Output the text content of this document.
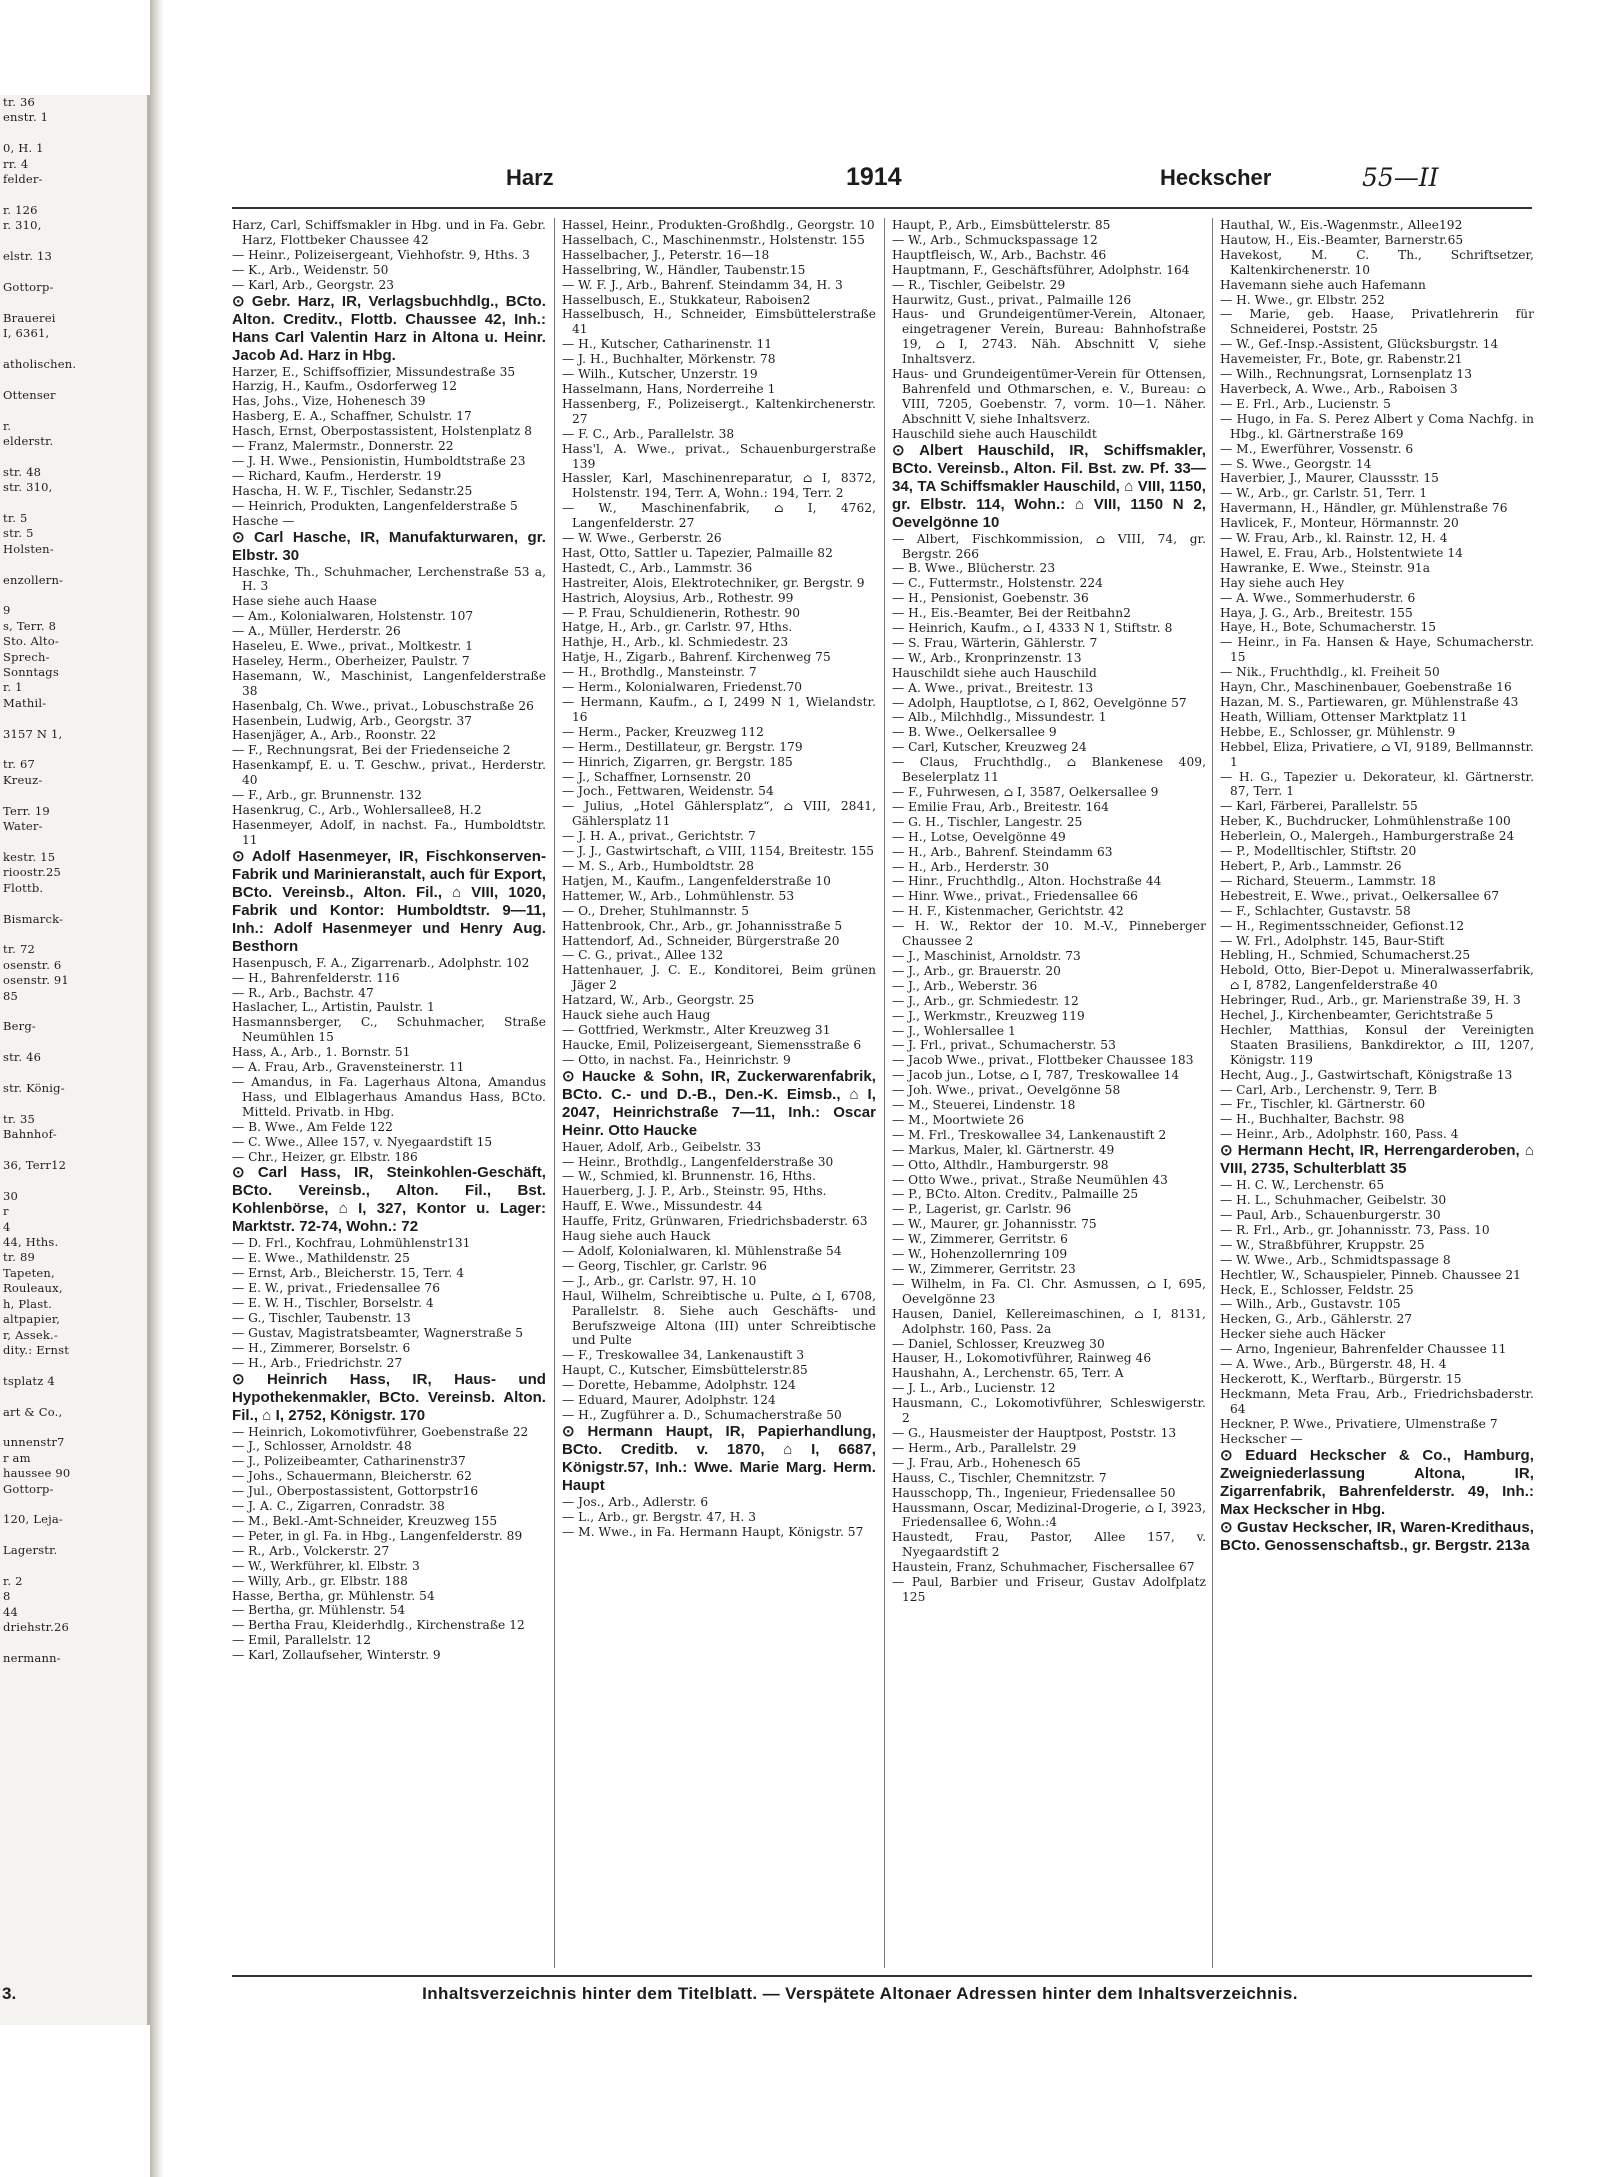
tr. 36
enstr. 1

0, H. 1
rr. 4
felder-

r. 126
r. 310,

elstr. 13

Gottorp-

Brauerei
I, 6361,

atholischen.

Ottenser

r.
elderstr.

str. 48
str. 310,

tr. 5
str. 5
Holsten-

enzollern-

9
s, Terr. 8
Sto. Alto-
Sprech-
Sonntags
r. 1
Mathil-

3157 N 1,

tr. 67
Kreuz-

Terr. 19
Water-

kestr. 15
rioostr.25
Flottb.

Bismarck-

tr. 72
osenstr. 6
osenstr. 91
85

Berg-

str. 46

str. König-

tr. 35
Bahnhof-

36, Terr12

30
r
4
44, Hths.
tr. 89
Tapeten,
Rouleaux,
h, Plast.
altpapier,
r, Assek.-
dity.: Ernst

tsplatz 4

art & Co.,

unnenstr7
r am
haussee 90
Gottorp-

120, Leja-

Lagerstr.

r. 2
8
44
driehstr.26

nermann-
3.
Harz	1914	Heckscher	55—II
Harz, Carl, Schiffsmakler in Hbg. und in Fa. Gebr. Harz, Flottbeker Chaussee 42
— Heinr., Polizeisergeant, Viehhofstr. 9, Hths. 3
— K., Arb., Weidenstr. 50
— Karl, Arb., Georgstr. 23
⊙ Gebr. Harz, IR, Verlagsbuchhdlg., BCto. Alton. Creditv., Flottb. Chaussee 42, Inh.: Hans Carl Valentin Harz in Altona u. Heinr. Jacob Ad. Harz in Hbg.
Harzer, E., Schiffsoffizier, Missundestraße 35
Harzig, H., Kaufm., Osdorferweg 12
Has, Johs., Vize, Hohenesch 39
Hasberg, E. A., Schaffner, Schulstr. 17
Hasch, Ernst, Oberpostassistent, Holstenplatz 8
— Franz, Malermstr., Donnerstr. 22
— J. H. Wwe., Pensionistin, Humboldtstraße 23
— Richard, Kaufm., Herderstr. 19
Hascha, H. W. F., Tischler, Sedanstr.25
— Heinrich, Produkten, Langenfelderstraße 5
Hasche —
⊙ Carl Hasche, IR, Manufakturwaren, gr. Elbstr. 30
Haschke, Th., Schuhmacher, Lerchenstraße 53 a, H. 3
Hase siehe auch Haase
— Am., Kolonialwaren, Holstenstr. 107
— A., Müller, Herderstr. 26
Haseleu, E. Wwe., privat., Moltkestr. 1
Haseley, Herm., Oberheizer, Paulstr. 7
Hasemann, W., Maschinist, Langenfelderstraße 38
Hasenbalg, Ch. Wwe., privat., Lobuschstraße 26
Hasenbein, Ludwig, Arb., Georgstr. 37
Hasenjäger, A., Arb., Roonstr. 22
— F., Rechnungsrat, Bei der Friedenseiche 2
Hasenkampf, E. u. T. Geschw., privat., Herderstr. 40
— F., Arb., gr. Brunnenstr. 132
Hasenkrug, C., Arb., Wohlersallee8, H.2
Hasenmeyer, Adolf, in nachst. Fa., Humboldtstr. 11
⊙ Adolf Hasenmeyer, IR, Fischkonserven-Fabrik und Marinieranstalt, auch für Export, BCto. Vereinsb., Alton. Fil., ⌂ VIII, 1020, Fabrik und Kontor: Humboldtstr. 9—11, Inh.: Adolf Hasenmeyer und Henry Aug. Besthorn
Hasenpusch, F. A., Zigarrenarb., Adolphstr. 102
— H., Bahrenfelderstr. 116
— R., Arb., Bachstr. 47
Haslacher, L., Artistin, Paulstr. 1
Hasmannsberger, C., Schuhmacher, Straße Neumühlen 15
Hass, A., Arb., 1. Bornstr. 51
— A. Frau, Arb., Gravensteinerstr. 11
— Amandus, in Fa. Lagerhaus Altona, Amandus Hass, und Elblagerhaus Amandus Hass, BCto. Mitteld. Privatb. in Hbg.
— B. Wwe., Am Felde 122
— C. Wwe., Allee 157, v. Nyegaardstift 15
— Chr., Heizer, gr. Elbstr. 186
⊙ Carl Hass, IR, Steinkohlen-Geschäft, BCto. Vereinsb., Alton. Fil., Bst. Kohlenbörse, ⌂ I, 327, Kontor u. Lager: Marktstr. 72-74, Wohn.: 72
— D. Frl., Kochfrau, Lohmühlenstr131
— E. Wwe., Mathildenstr. 25
— Ernst, Arb., Bleicherstr. 15, Terr. 4
— E. W., privat., Friedensallee 76
— E. W. H., Tischler, Borselstr. 4
— G., Tischler, Taubenstr. 13
— Gustav, Magistratsbeamter, Wagnerstraße 5
— H., Zimmerer, Borselstr. 6
— H., Arb., Friedrichstr. 27
⊙ Heinrich Hass, IR, Haus- und Hypothekenmakler, BCto. Vereinsb. Alton. Fil., ⌂ I, 2752, Königstr. 170
— Heinrich, Lokomotivführer, Goebenstraße 22
— J., Schlosser, Arnoldstr. 48
— J., Polizeibeamter, Catharinenstr37
— Johs., Schauermann, Bleicherstr. 62
— Jul., Oberpostassistent, Gottorpstr16
— J. A. C., Zigarren, Conradstr. 38
— M., Bekl.-Amt-Schneider, Kreuzweg 155
— Peter, in gl. Fa. in Hbg., Langenfelderstr. 89
— R., Arb., Volckerstr. 27
— W., Werkführer, kl. Elbstr. 3
— Willy, Arb., gr. Elbstr. 188
Hasse, Bertha, gr. Mühlenstr. 54
— Bertha, gr. Mühlenstr. 54
— Bertha Frau, Kleiderhdlg., Kirchenstraße 12
— Emil, Parallelstr. 12
— Karl, Zollaufseher, Winterstr. 9
Hassel, Heinr., Produkten-Großhdlg., Georgstr. 10
Hasselbach, C., Maschinenmstr., Holstenstr. 155
Hasselbacher, J., Peterstr. 16—18
Hasselbring, W., Händler, Taubenstr.15
— W. F. J., Arb., Bahrenf. Steindamm 34, H. 3
Hasselbusch, E., Stukkateur, Raboisen2
Hasselbusch, H., Schneider, Eimsbüttelerstraße 41
— H., Kutscher, Catharinenstr. 11
— J. H., Buchhalter, Mörkenstr. 78
— Wilh., Kutscher, Unzerstr. 19
Hasselmann, Hans, Norderreihe 1
Hassenberg, F., Polizeisergt., Kaltenkirchenerstr. 27
— F. C., Arb., Parallelstr. 38
Hass'l, A. Wwe., privat., Schauenburgerstraße 139
Hassler, Karl, Maschinenreparatur, ⌂ I, 8372, Holstenstr. 194, Terr. A, Wohn.: 194, Terr. 2
— W., Maschinenfabrik, ⌂ I, 4762, Langenfelderstr. 27
— W. Wwe., Gerberstr. 26
Hast, Otto, Sattler u. Tapezier, Palmaille 82
Hastedt, C., Arb., Lammstr. 36
Hastreiter, Alois, Elektrotechniker, gr. Bergstr. 9
Hastrich, Aloysius, Arb., Rothestr. 99
— P. Frau, Schuldienerin, Rothestr. 90
Hatge, H., Arb., gr. Carlstr. 97, Hths.
Hathje, H., Arb., kl. Schmiedestr. 23
Hatje, H., Zigarb., Bahrenf. Kirchenweg 75
— H., Brothdlg., Mansteinstr. 7
— Herm., Kolonialwaren, Friedenst.70
— Hermann, Kaufm., ⌂ I, 2499 N 1, Wielandstr. 16
— Herm., Packer, Kreuzweg 112
— Herm., Destillateur, gr. Bergstr. 179
— Hinrich, Zigarren, gr. Bergstr. 185
— J., Schaffner, Lornsenstr. 20
— Joch., Fettwaren, Weidenstr. 54
— Julius, „Hotel Gählersplatz“, ⌂ VIII, 2841, Gählersplatz 11
— J. H. A., privat., Gerichtstr. 7
— J. J., Gastwirtschaft, ⌂ VIII, 1154, Breitestr. 155
— M. S., Arb., Humboldtstr. 28
Hatjen, M., Kaufm., Langenfelderstraße 10
Hattemer, W., Arb., Lohmühlenstr. 53
— O., Dreher, Stuhlmannstr. 5
Hattenbrook, Chr., Arb., gr. Johannisstraße 5
Hattendorf, Ad., Schneider, Bürgerstraße 20
— C. G., privat., Allee 132
Hattenhauer, J. C. E., Konditorei, Beim grünen Jäger 2
Hatzard, W., Arb., Georgstr. 25
Hauck siehe auch Haug
— Gottfried, Werkmstr., Alter Kreuzweg 31
Haucke, Emil, Polizeisergeant, Siemensstraße 6
— Otto, in nachst. Fa., Heinrichstr. 9
⊙ Haucke & Sohn, IR, Zuckerwarenfabrik, BCto. C.- und D.-B., Den.-K. Eimsb., ⌂ I, 2047, Heinrichstraße 7—11, Inh.: Oscar Heinr. Otto Haucke
Hauer, Adolf, Arb., Geibelstr. 33
— Heinr., Brothdlg., Langenfelderstraße 30
— W., Schmied, kl. Brunnenstr. 16, Hths.
Hauerberg, J. J. P., Arb., Steinstr. 95, Hths.
Hauff, E. Wwe., Missundestr. 44
Hauffe, Fritz, Grünwaren, Friedrichsbaderstr. 63
Haug siehe auch Hauck
— Adolf, Kolonialwaren, kl. Mühlenstraße 54
— Georg, Tischler, gr. Carlstr. 96
— J., Arb., gr. Carlstr. 97, H. 10
Haul, Wilhelm, Schreibtische u. Pulte, ⌂ I, 6708, Parallelstr. 8. Siehe auch Geschäfts- und Berufszweige Altona (III) unter Schreibtische und Pulte
— F., Treskowallee 34, Lankenaustift 3
Haupt, C., Kutscher, Eimsbüttelerstr.85
— Dorette, Hebamme, Adolphstr. 124
— Eduard, Maurer, Adolphstr. 124
— H., Zugführer a. D., Schumacherstraße 50
⊙ Hermann Haupt, IR, Papierhandlung, BCto. Creditb. v. 1870, ⌂ I, 6687, Königstr.57, Inh.: Wwe. Marie Marg. Herm. Haupt
— Jos., Arb., Adlerstr. 6
— L., Arb., gr. Bergstr. 47, H. 3
— M. Wwe., in Fa. Hermann Haupt, Königstr. 57
Haupt, P., Arb., Eimsbüttelerstr. 85
— W., Arb., Schmuckspassage 12
Hauptfleisch, W., Arb., Bachstr. 46
Hauptmann, F., Geschäftsführer, Adolphstr. 164
— R., Tischler, Geibelstr. 29
Haurwitz, Gust., privat., Palmaille 126
Haus- und Grundeigentümer-Verein, Altonaer, eingetragener Verein, Bureau: Bahnhofstraße 19, ⌂ I, 2743. Näh. Abschnitt V, siehe Inhaltsverz.
Haus- und Grundeigentümer-Verein für Ottensen, Bahrenfeld und Othmarschen, e. V., Bureau: ⌂ VIII, 7205, Goebenstr. 7, vorm. 10—1. Näher. Abschnitt V, siehe Inhaltsverz.
Hauschild siehe auch Hauschildt
⊙ Albert Hauschild, IR, Schiffsmakler, BCto. Vereinsb., Alton. Fil. Bst. zw. Pf. 33—34, TA Schiffsmakler Hauschild, ⌂ VIII, 1150, gr. Elbstr. 114, Wohn.: ⌂ VIII, 1150 N 2, Oevelgönne 10
— Albert, Fischkommission, ⌂ VIII, 74, gr. Bergstr. 266
— B. Wwe., Blücherstr. 23
— C., Futtermstr., Holstenstr. 224
— H., Pensionist, Goebenstr. 36
— H., Eis.-Beamter, Bei der Reitbahn2
— Heinrich, Kaufm., ⌂ I, 4333 N 1, Stiftstr. 8
— S. Frau, Wärterin, Gählerstr. 7
— W., Arb., Kronprinzenstr. 13
Hauschildt siehe auch Hauschild
— A. Wwe., privat., Breitestr. 13
— Adolph, Hauptlotse, ⌂ I, 862, Oevelgönne 57
— Alb., Milchhdlg., Missundestr. 1
— B. Wwe., Oelkersallee 9
— Carl, Kutscher, Kreuzweg 24
— Claus, Fruchthdlg., ⌂ Blankenese 409, Beselerplatz 11
— F., Fuhrwesen, ⌂ I, 3587, Oelkersallee 9
— Emilie Frau, Arb., Breitestr. 164
— G. H., Tischler, Langestr. 25
— H., Lotse, Oevelgönne 49
— H., Arb., Bahrenf. Steindamm 63
— H., Arb., Herderstr. 30
— Hinr., Fruchthdlg., Alton. Hochstraße 44
— Hinr. Wwe., privat., Friedensallee 66
— H. F., Kistenmacher, Gerichtstr. 42
— H. W., Rektor der 10. M.-V., Pinneberger Chaussee 2
— J., Maschinist, Arnoldstr. 73
— J., Arb., gr. Brauerstr. 20
— J., Arb., Weberstr. 36
— J., Arb., gr. Schmiedestr. 12
— J., Werkmstr., Kreuzweg 119
— J., Wohlersallee 1
— J. Frl., privat., Schumacherstr. 53
— Jacob Wwe., privat., Flottbeker Chaussee 183
— Jacob jun., Lotse, ⌂ I, 787, Treskowallee 14
— Joh. Wwe., privat., Oevelgönne 58
— M., Steuerei, Lindenstr. 18
— M., Moortwiete 26
— M. Frl., Treskowallee 34, Lankenaustift 2
— Markus, Maler, kl. Gärtnerstr. 49
— Otto, Althdlr., Hamburgerstr. 98
— Otto Wwe., privat., Straße Neumühlen 43
— P., BCto. Alton. Creditv., Palmaille 25
— P., Lagerist, gr. Carlstr. 96
— W., Maurer, gr. Johannisstr. 75
— W., Zimmerer, Gerritstr. 6
— W., Hohenzollernring 109
— W., Zimmerer, Gerritstr. 23
— Wilhelm, in Fa. Cl. Chr. Asmussen, ⌂ I, 695, Oevelgönne 23
Hausen, Daniel, Kellereimaschinen, ⌂ I, 8131, Adolphstr. 160, Pass. 2a
— Daniel, Schlosser, Kreuzweg 30
Hauser, H., Lokomotivführer, Rainweg 46
Haushahn, A., Lerchenstr. 65, Terr. A
— J. L., Arb., Lucienstr. 12
Hausmann, C., Lokomotivführer, Schleswigerstr. 2
— G., Hausmeister der Hauptpost, Poststr. 13
— Herm., Arb., Parallelstr. 29
— J. Frau, Arb., Hohenesch 65
Hauss, C., Tischler, Chemnitzstr. 7
Hausschopp, Th., Ingenieur, Friedensallee 50
Haussmann, Oscar, Medizinal-Drogerie, ⌂ I, 3923, Friedensallee 6, Wohn.:4
Haustedt, Frau, Pastor, Allee 157, v. Nyegaardstift 2
Haustein, Franz, Schuhmacher, Fischersallee 67
— Paul, Barbier und Friseur, Gustav Adolfplatz 125
Hauthal, W., Eis.-Wagenmstr., Allee192
Hautow, H., Eis.-Beamter, Barnerstr.65
Havekost, M. C. Th., Schriftsetzer, Kaltenkirchenerstr. 10
Havemann siehe auch Hafemann
— H. Wwe., gr. Elbstr. 252
— Marie, geb. Haase, Privatlehrerin für Schneiderei, Poststr. 25
— W., Gef.-Insp.-Assistent, Glücksburgstr. 14
Havemeister, Fr., Bote, gr. Rabenstr.21
— Wilh., Rechnungsrat, Lornsenplatz 13
Haverbeck, A. Wwe., Arb., Raboisen 3
— E. Frl., Arb., Lucienstr. 5
— Hugo, in Fa. S. Perez Albert y Coma Nachfg. in Hbg., kl. Gärtnerstraße 169
— M., Ewerführer, Vossenstr. 6
— S. Wwe., Georgstr. 14
Haverbier, J., Maurer, Claussstr. 15
— W., Arb., gr. Carlstr. 51, Terr. 1
Havermann, H., Händler, gr. Mühlenstraße 76
Havlicek, F., Monteur, Hörmannstr. 20
— W. Frau, Arb., kl. Rainstr. 12, H. 4
Hawel, E. Frau, Arb., Holstentwiete 14
Hawranke, E. Wwe., Steinstr. 91a
Hay siehe auch Hey
— A. Wwe., Sommerhuderstr. 6
Haya, J. G., Arb., Breitestr. 155
Haye, H., Bote, Schumacherstr. 15
— Heinr., in Fa. Hansen & Haye, Schumacherstr. 15
— Nik., Fruchthdlg., kl. Freiheit 50
Hayn, Chr., Maschinenbauer, Goebenstraße 16
Hazan, M. S., Partiewaren, gr. Mühlenstraße 43
Heath, William, Ottenser Marktplatz 11
Hebbe, E., Schlosser, gr. Mühlenstr. 9
Hebbel, Eliza, Privatiere, ⌂ VI, 9189, Bellmannstr. 1
— H. G., Tapezier u. Dekorateur, kl. Gärtnerstr. 87, Terr. 1
— Karl, Färberei, Parallelstr. 55
Heber, K., Buchdrucker, Lohmühlenstraße 100
Heberlein, O., Malergeh., Hamburgerstraße 24
— P., Modelltischler, Stiftstr. 20
Hebert, P., Arb., Lammstr. 26
— Richard, Steuerm., Lammstr. 18
Hebestreit, E. Wwe., privat., Oelkersallee 67
— F., Schlachter, Gustavstr. 58
— H., Regimentsschneider, Gefionst.12
— W. Frl., Adolphstr. 145, Baur-Stift
Hebling, H., Schmied, Schumacherst.25
Hebold, Otto, Bier-Depot u. Mineralwasserfabrik, ⌂ I, 8782, Langenfelderstraße 40
Hebringer, Rud., Arb., gr. Marienstraße 39, H. 3
Hechel, J., Kirchenbeamter, Gerichtstraße 5
Hechler, Matthias, Konsul der Vereinigten Staaten Brasiliens, Bankdirektor, ⌂ III, 1207, Königstr. 119
Hecht, Aug., J., Gastwirtschaft, Königstraße 13
— Carl, Arb., Lerchenstr. 9, Terr. B
— Fr., Tischler, kl. Gärtnerstr. 60
— H., Buchhalter, Bachstr. 98
— Heinr., Arb., Adolphstr. 160, Pass. 4
⊙ Hermann Hecht, IR, Herrengarderoben, ⌂ VIII, 2735, Schulterblatt 35
— H. C. W., Lerchenstr. 65
— H. L., Schuhmacher, Geibelstr. 30
— Paul, Arb., Schauenburgerstr. 30
— R. Frl., Arb., gr. Johannisstr. 73, Pass. 10
— W., Straßbführer, Kruppstr. 25
— W. Wwe., Arb., Schmidtspassage 8
Hechtler, W., Schauspieler, Pinneb. Chaussee 21
Heck, E., Schlosser, Feldstr. 25
— Wilh., Arb., Gustavstr. 105
Hecken, G., Arb., Gählerstr. 27
Hecker siehe auch Häcker
— Arno, Ingenieur, Bahrenfelder Chaussee 11
— A. Wwe., Arb., Bürgerstr. 48, H. 4
Heckerott, K., Werftarb., Bürgerstr. 15
Heckmann, Meta Frau, Arb., Friedrichsbaderstr. 64
Heckner, P. Wwe., Privatiere, Ulmenstraße 7
Heckscher —
⊙ Eduard Heckscher & Co., Hamburg, Zweigniederlassung Altona, IR, Zigarrenfabrik, Bahrenfelderstr. 49, Inh.: Max Heckscher in Hbg.
⊙ Gustav Heckscher, IR, Waren-Kredithaus, BCto. Genossenschaftsb., gr. Bergstr. 213a
Inhaltsverzeichnis hinter dem Titelblatt. — Verspätete Altonaer Adressen hinter dem Inhaltsverzeichnis.
